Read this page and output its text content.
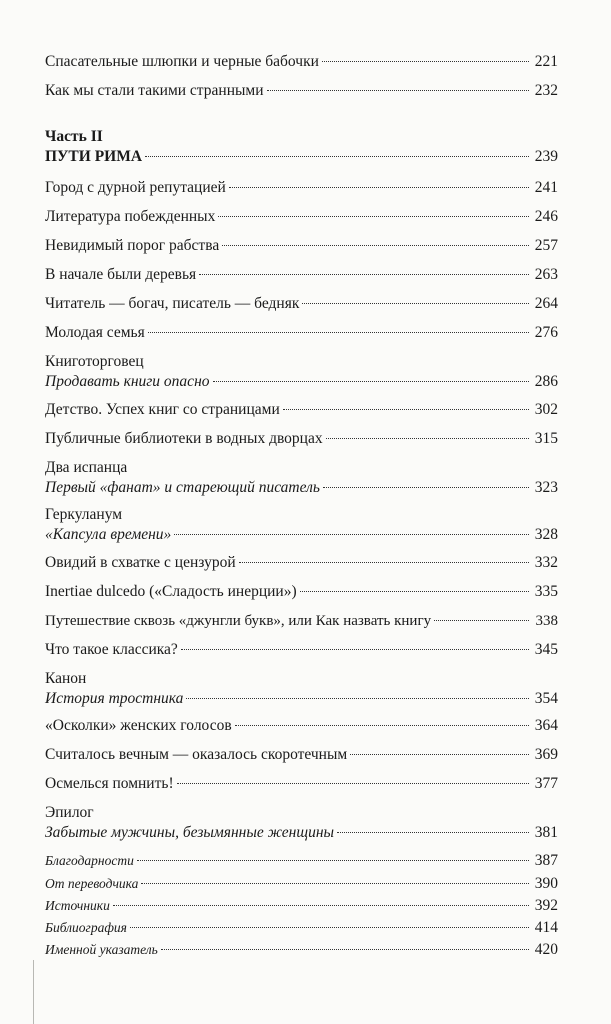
Спасательные шлюпки и черные бабочки	221
Как мы стали такими странными	232
Часть II
ПУТИ РИМА	239
Город с дурной репутацией	241
Литература побежденных	246
Невидимый порог рабства	257
В начале были деревья	263
Читатель — богач, писатель — бедняк	264
Молодая семья	276
Книготорговец
Продавать книги опасно	286
Детство. Успех книг со страницами	302
Публичные библиотеки в водных дворцах	315
Два испанца
Первый «фанат» и стареющий писатель	323
Геркуланум
«Капсула времени»	328
Овидий в схватке с цензурой	332
Inertiae dulcedo («Сладость инерции»)	335
Путешествие сквозь «джунгли букв», или Как назвать книгу	338
Что такое классика?	345
Канон
История тростника	354
«Осколки» женских голосов	364
Считалось вечным — оказалось скоротечным	369
Осмелься помнить!	377
Эпилог
Забытые мужчины, безымянные женщины	381
Благодарности	387
От переводчика	390
Источники	392
Библиография	414
Именной указатель	420
